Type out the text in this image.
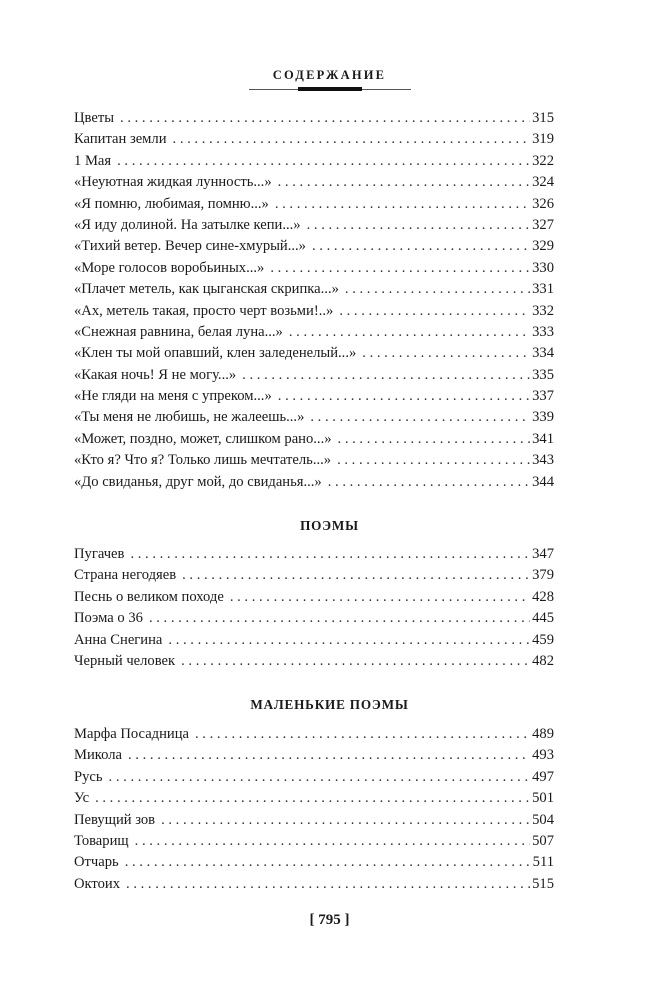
СОДЕРЖАНИЕ
Цветы . . .	315
Капитан земли . . .	319
1 Мая . . .	322
«Неуютная жидкая лунность...» . . .	324
«Я помню, любимая, помню...» . . .	326
«Я иду долиной. На затылке кепи...» . . .	327
«Тихий ветер. Вечер сине-хмурый...» . . .	329
«Море голосов воробьиных...» . . .	330
«Плачет метель, как цыганская скрипка...» . . .	331
«Ах, метель такая, просто черт возьми!..» . . .	332
«Снежная равнина, белая луна...» . . .	333
«Клен ты мой опавший, клен заледенелый...» . . .	334
«Какая ночь! Я не могу...» . . .	335
«Не гляди на меня с упреком...» . . .	337
«Ты меня не любишь, не жалеешь...» . . .	339
«Может, поздно, может, слишком рано...» . . .	341
«Кто я? Что я? Только лишь мечтатель...» . . .	343
«До свиданья, друг мой, до свиданья...» . . .	344
ПОЭМЫ
Пугачев . . .	347
Страна негодяев . . .	379
Песнь о великом походе . . .	428
Поэма о 36 . . .	445
Анна Снегина . . .	459
Черный человек . . .	482
МАЛЕНЬКИЕ ПОЭМЫ
Марфа Посадница . . .	489
Микола . . .	493
Русь . . .	497
Ус . . .	501
Певущий зов . . .	504
Товарищ . . .	507
Отчарь . . .	511
Октоих . . .	515
[ 795 ]
